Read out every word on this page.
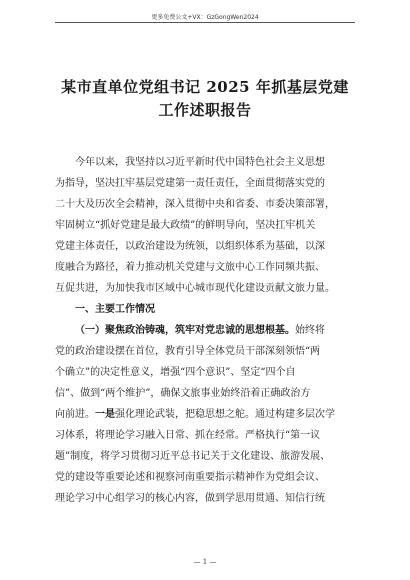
更多免费公文+VX：GzGongWen2024
某市直单位党组书记 2025 年抓基层党建
工作述职报告
今年以来，我坚持以习近平新时代中国特色社会主义思想
为指导，坚决扛牢基层党建第一责任责任，全面贯彻落实党的
二十大及历次全会精神，深入贯彻中央和省委、市委决策部署，
牢固树立“抓好党建是最大政绩”的鲜明导向，坚决扛牢机关
党建主体责任，以政治建设为统领，以组织体系为基础，以深
度融合为路径，着力推动机关党建与文旅中心工作同频共振、
互促共进，为加快我市区域中心城市现代化建设贡献文旅力量。
一、主要工作情况
（一）聚焦政治铸魂，筑牢对党忠诚的思想根基。始终将
党的政治建设摆在首位，教育引导全体党员干部深刻领悟“两
个确立”的决定性意义，增强“四个意识”、坚定“四个自
信”、做到“两个维护”，确保文旅事业始终沿着正确政治方
向前进。一是强化理论武装，把稳思想之舵。通过构建多层次学
习体系，将理论学习融入日常、抓在经常。严格执行“第一议
题”制度，将学习贯彻习近平总书记关于文化建设、旅游发展、
党的建设等重要论述和视察河南重要指示精神作为党组会议、
理论学习中心组学习的核心内容，做到学思用贯通、知信行统
— 1 —
